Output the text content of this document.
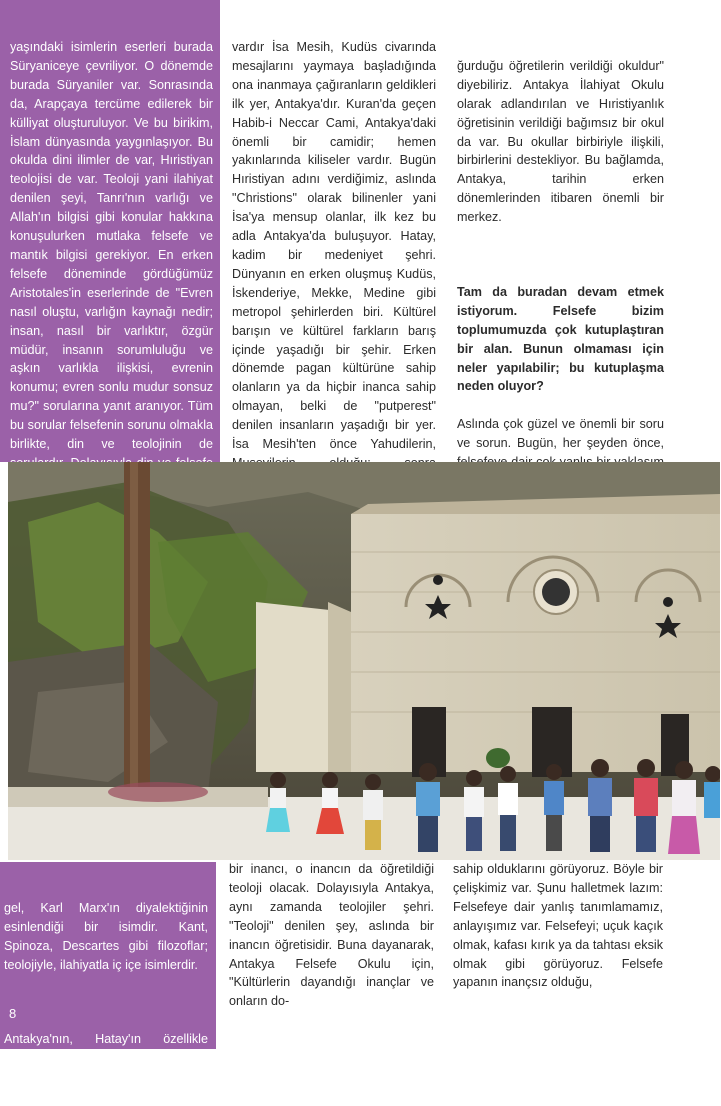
yaşındaki isimlerin eserleri burada Süryaniceye çevriliyor. O dönemde burada Süryaniler var. Sonrasında da, Arapçaya tercüme edilerek bir külliyat oluşturuluyor. Ve bu birikim, İslam dünyasında yaygınlaşıyor. Bu okulda dini ilimler de var, Hıristiyan teolojisi de var. Teoloji yani ilahiyat denilen şeyi, Tanrı'nın varlığı ve Allah'ın bilgisi gibi konular hakkına konuşulurken mutlaka felsefe ve mantık bilgisi gerekiyor. En erken felsefe döneminde gördüğümüz Aristotales'in eserlerinde de "Evren nasıl oluştu, varlığın kaynağı nedir; insan, nasıl bir varlıktır, özgür müdür, insanın sorumluluğu ve aşkın varlıkla ilişkisi, evrenin konumu; evren sonlu mudur sonsuz mu?" sorularına yanıt aranıyor. Tüm bu sorular felsefenin sorunu olmakla birlikte, din ve teolojinin de
vardır İsa Mesih, Kudüs civarında mesajlarını yaymaya başladığında ona inanmaya çağıranların geldikleri ilk yer, Antakya'dır. Kuran'da geçen Habib-i Neccar Cami, Antakya'daki önemli bir camidir; hemen yakınlarında kiliseler vardır. Bugün Hıristiyan adını verdiğimiz, aslında "Christions" olarak bilinenler yani İsa'ya mensup olanlar, ilk kez bu adla Antakya'da buluşuyor. Hatay, kadim bir medeniyet şehri. Dünyanın en erken oluşmuş Kudüs, İskenderiye, Mekke, Medine gibi metropol şehirlerden biri. Kültürel barışın ve kültürel farkların barış içinde yaşadığı bir şehir. Erken dönemde pagan kültürüne sahip olanların ya da hiçbir inanca sahip olmayan, belki de "putperest" denilen insanların yaşadığı bir yer. İsa Mesih'ten önce Yahudilerin,

ğurduğu öğretilerin verildiği okuldur" diyebiliriz. Antakya İlahiyat Okulu olarak adlandırılan ve Hıristiyanlık öğretisinin verildiği bağımsız bir okul da var. Bu okullar birbiriyle ilişkili, birbirlerini destekliyor. Bu bağlamda, Antakya, tarihin erken dönemlerinden itibaren önemli bir merkez.

Tam da buradan devam etmek istiyorum. Felsefe bizim toplumumuzda çok kutuplaştıran bir alan. Bunun olmaması için neler yapılabilir; bu kutuplaşma neden oluyor?

Aslında çok güzel ve önemli bir soru ve sorun. Bugün, her şeyden önce,

gel, Karl Marx'ın diyalektiğinin esinlendiği bir isimdir. Kant, Spinoza, Descartes gibi filozoflar; teolojiyle, ilahiyatla iç içe isimlerdir.

Antakya'nın, Hatay'ın özellikle tarihsel süreçte de böyle bir misyonu

bir inancı, o inancın da öğretildiği teoloji olacak. Dolayısıyla Antakya, aynı zamanda teolojiler şehri. "Teoloji" denilen şey, aslında bir inancın öğretisidir. Buna dayanarak, Antakya Felsefe Okulu için, "Kültürlerin dayandığı inançlar ve onların do-
sahip olduklarını görüyoruz. Böyle bir çelişkimiz var. Şunu halletmek lazım: Felsefeye dair yanlış tanımlamamız, anlayışımız var. Felsefeyi; uçuk kaçık olmak, kafası kırık ya da tahtası eksik olmak gibi görüyoruz. Felsefe yapanın inançsız olduğu,
8
